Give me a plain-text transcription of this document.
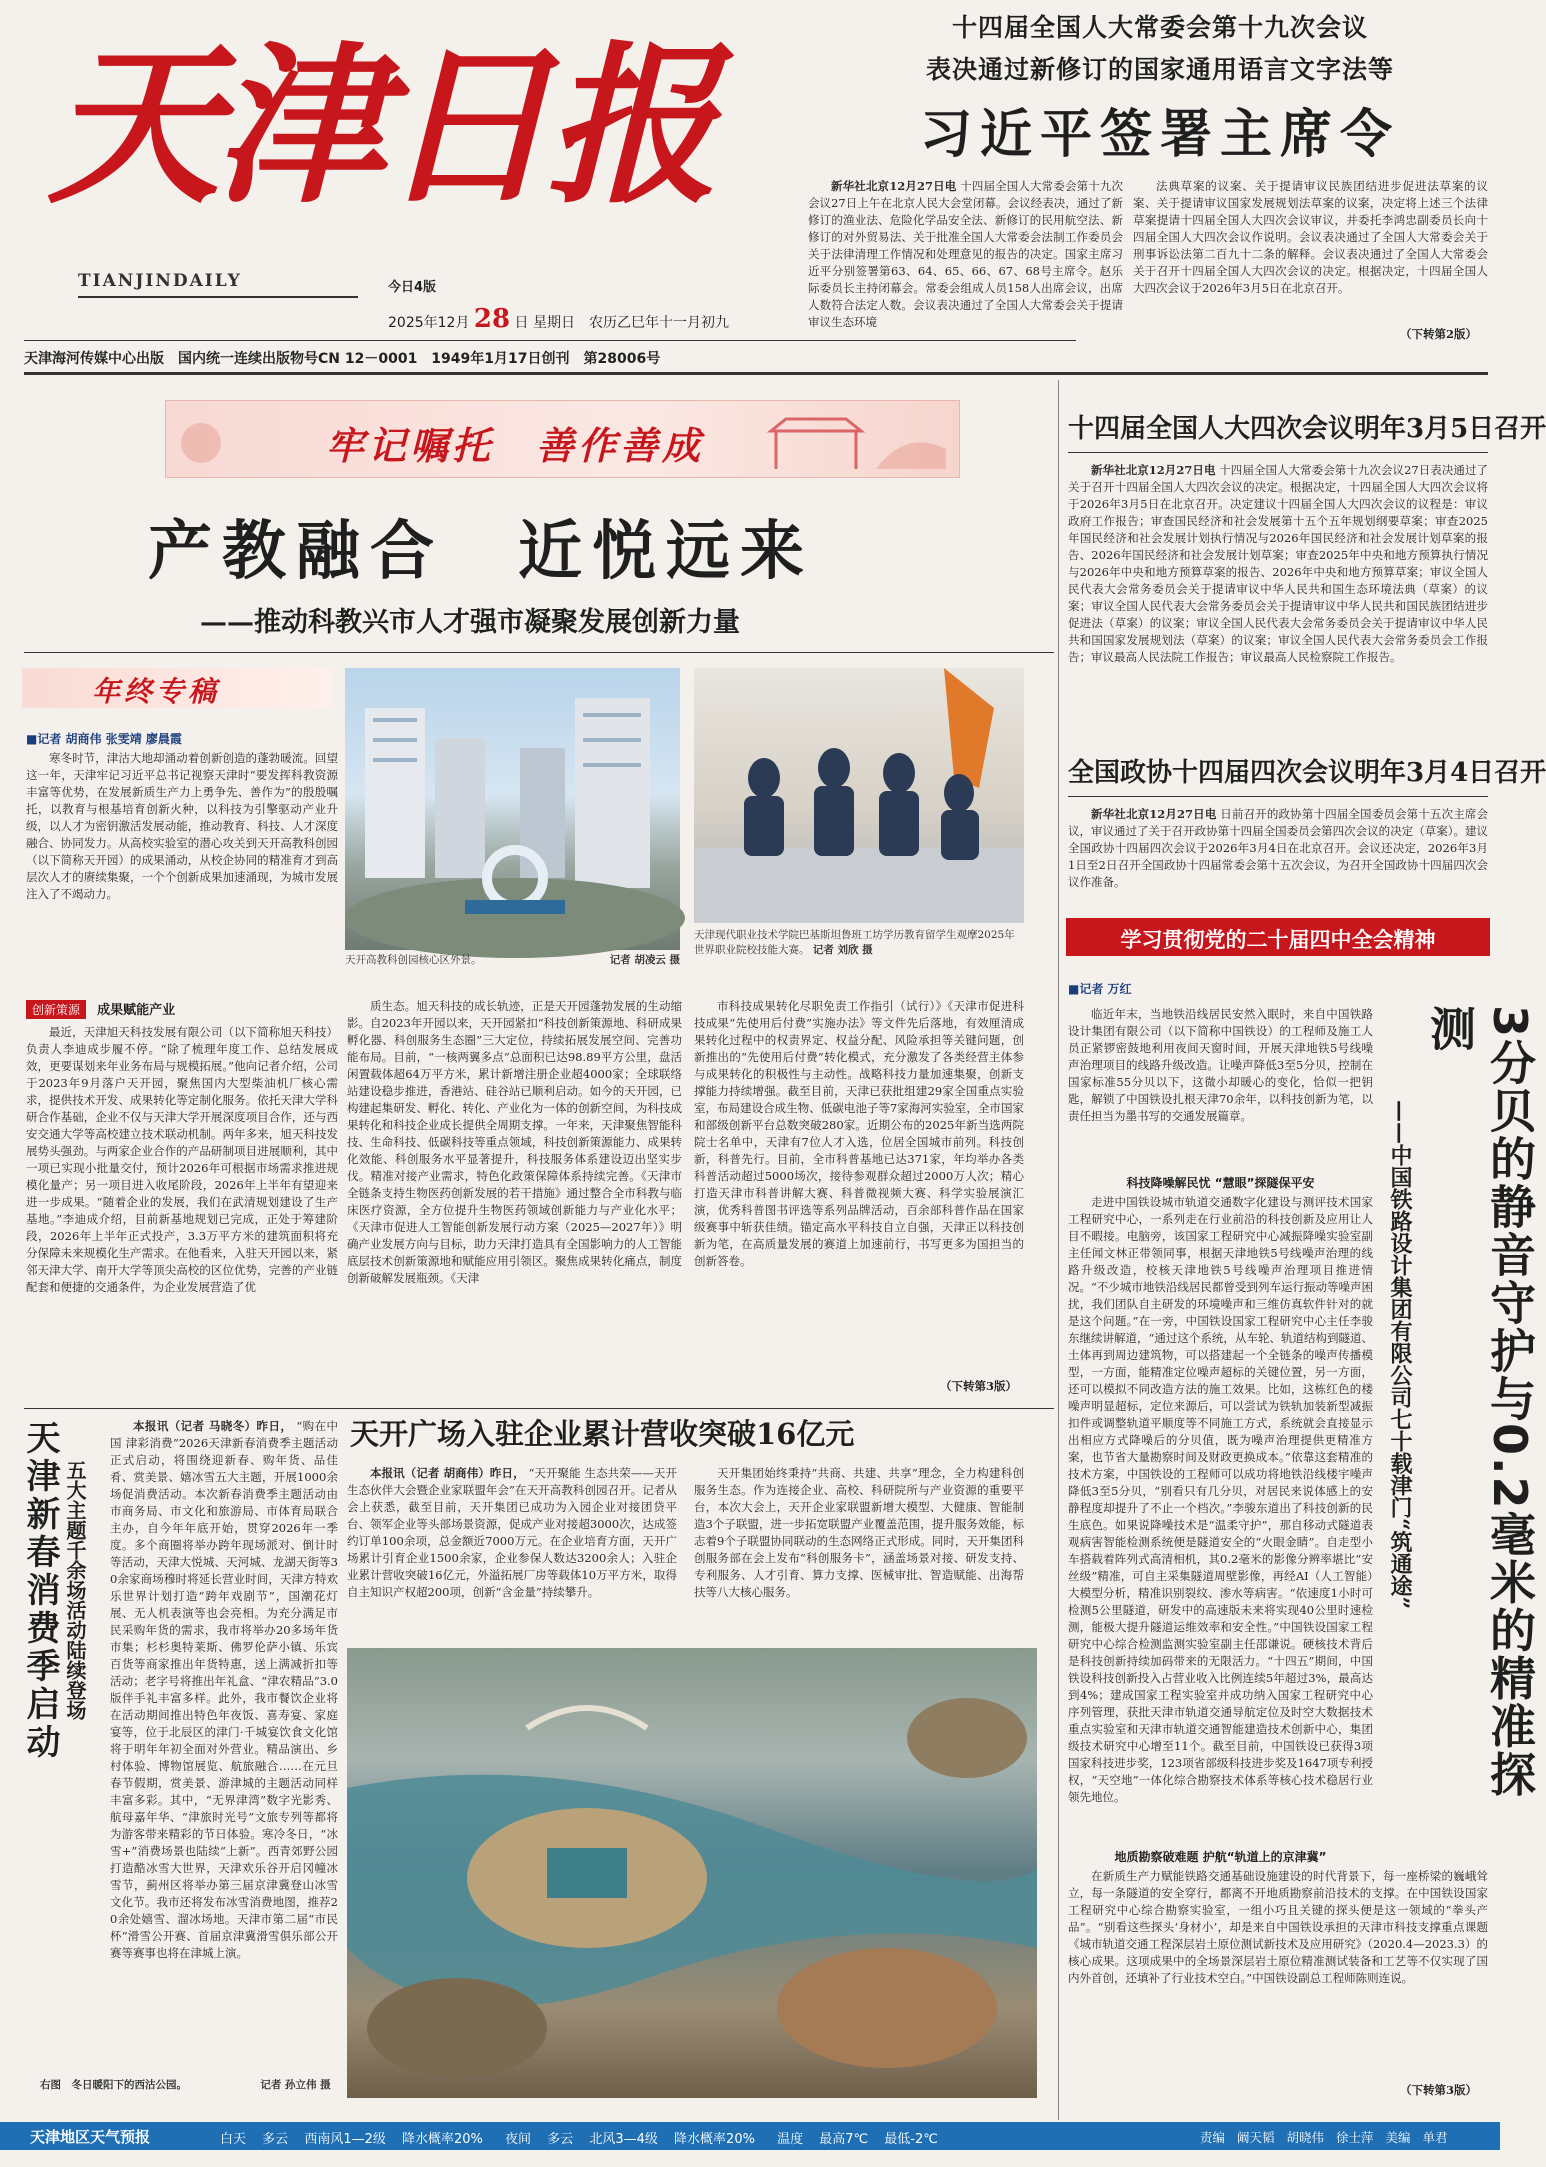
天津日报
TIANJINDAILY	今日4版
2025年12月 28 日 星期日　农历乙巳年十一月初九
天津海河传媒中心出版　国内统一连续出版物号CN 12－0001　1949年1月17日创刊　第28006号
十四届全国人大常委会第十九次会议
表决通过新修订的国家通用语言文字法等
习近平签署主席令
新华社北京12月27日电 十四届全国人大常委会第十九次会议27日上午在北京人民大会堂闭幕。会议经表决，通过了新修订的渔业法、危险化学品安全法、新修订的民用航空法、新修订的对外贸易法、关于批准全国人大常委会法制工作委员会关于法律清理工作情况和处理意见的报告的决定。国家主席习近平分别签署第63、64、65、66、67、68号主席令。赵乐际委员长主持闭幕会。常委会组成人员158人出席会议，出席人数符合法定人数。会议表决通过了全国人大常委会关于提请审议生态环境
法典草案的议案、关于提请审议民族团结进步促进法草案的议案、关于提请审议国家发展规划法草案的议案，决定将上述三个法律草案提请十四届全国人大四次会议审议，并委托李鸿忠副委员长向十四届全国人大四次会议作说明。会议表决通过了全国人大常委会关于刑事诉讼法第二百九十二条的解释。会议表决通过了全国人大常委会关于召开十四届全国人大四次会议的决定。根据决定，十四届全国人大四次会议于2026年3月5日在北京召开。
（下转第2版）
牢记嘱托　善作善成
产教融合　近悦远来
——推动科教兴市人才强市凝聚发展创新力量
年终专稿
■记者 胡商伟 张雯靖 廖晨霞
寒冬时节，津沽大地却涌动着创新创造的蓬勃暖流。回望这一年，天津牢记习近平总书记视察天津时“要发挥科教资源丰富等优势，在发展新质生产力上勇争先、善作为”的殷殷嘱托，以教育与根基培育创新火种，以科技为引擎驱动产业升级，以人才为密钥激活发展动能，推动教育、科技、人才深度融合、协同发力。从高校实验室的潜心攻关到天开高教科创园（以下简称天开园）的成果涌动，从校企协同的精准育才到高层次人才的赓续集聚，一个个创新成果加速涌现，为城市发展注入了不竭动力。
创新策源 成果赋能产业
最近，天津旭天科技发展有限公司（以下简称旭天科技）负责人李迪成步履不停。“除了梳理年度工作、总结发展成效，更要谋划来年业务布局与规模拓展。”他向记者介绍，公司于2023年9月落户天开园，聚焦国内大型柴油机厂核心需求，提供技术开发、成果转化等定制化服务。依托天津大学科研合作基础，企业不仅与天津大学开展深度项目合作，还与西安交通大学等高校建立技术联动机制。两年多来，旭天科技发展势头强劲。与两家企业合作的产品研制项目进展顺利，其中一项已实现小批量交付，预计2026年可根据市场需求推进规模化量产；另一项目进入收尾阶段，2026年上半年有望迎来进一步成果。“随着企业的发展，我们在武清规划建设了生产基地。”李迪成介绍，目前新基地规划已完成，正处于筹建阶段，2026年上半年正式投产，3.3万平方米的建筑面积将充分保障未来规模化生产需求。在他看来，入驻天开园以来，紧邻天津大学、南开大学等顶尖高校的区位优势，完善的产业链配套和便捷的交通条件，为企业发展营造了优
质生态。旭天科技的成长轨迹，正是天开园蓬勃发展的生动缩影。自2023年开园以来，天开园紧扣“科技创新策源地、科研成果孵化器、科创服务生态圈”三大定位，持续拓展发展空间、完善功能布局。目前，“一核两翼多点”总面积已达98.89平方公里，盘活闲置载体超64万平方米，累计新增注册企业超4000家；全球联络站建设稳步推进，香港站、硅谷站已顺利启动。如今的天开园，已构建起集研发、孵化、转化、产业化为一体的创新空间，为科技成果转化和科技企业成长提供全周期支撑。一年来，天津聚焦智能科技、生命科技、低碳科技等重点领域，科技创新策源能力、成果转化效能、科创服务水平显著提升，科技服务体系建设迈出坚实步伐。精准对接产业需求，特色化政策保障体系持续完善。《天津市全链条支持生物医药创新发展的若干措施》通过整合全市科教与临床医疗资源，全方位提升生物医药领域创新能力与产业化水平；《天津市促进人工智能创新发展行动方案（2025—2027年）》明确产业发展方向与目标，助力天津打造具有全国影响力的人工智能底层技术创新策源地和赋能应用引领区。聚焦成果转化痛点，制度创新破解发展瓶颈。《天津
市科技成果转化尽职免责工作指引（试行）》《天津市促进科技成果“先使用后付费”实施办法》等文件先后落地，有效厘清成果转化过程中的权责界定、权益分配、风险承担等关键问题，创新推出的“先使用后付费”转化模式，充分激发了各类经营主体参与成果转化的积极性与主动性。战略科技力量加速集聚，创新支撑能力持续增强。截至目前，天津已获批组建29家全国重点实验室，布局建设合成生物、低碳电池子等7家海河实验室，全市国家和部级创新平台总数突破280家。近期公布的2025年新当选两院院士名单中，天津有7位人才入选，位居全国城市前列。科技创新，科普先行。目前，全市科普基地已达371家，年均举办各类科普活动超过5000场次，接待参观群众超过2000万人次；精心打造天津市科普讲解大赛、科普微视频大赛、科学实验展演汇演，优秀科普图书评选等系列品牌活动，百余部科普作品在国家级赛事中斩获佳绩。锚定高水平科技自立自强，天津正以科技创新为笔，在高质量发展的赛道上加速前行，书写更多为国担当的创新答卷。
（下转第3版）
天开高教科创园核心区外景。	记者 胡凌云 摄
天津现代职业技术学院巴基斯坦鲁班工坊学历教育留学生观摩2025年世界职业院校技能大赛。 记者 刘欣 摄
十四届全国人大四次会议明年3月5日召开
新华社北京12月27日电 十四届全国人大常委会第十九次会议27日表决通过了关于召开十四届全国人大四次会议的决定。根据决定，十四届全国人大四次会议将于2026年3月5日在北京召开。决定建议十四届全国人大四次会议的议程是：审议政府工作报告；审查国民经济和社会发展第十五个五年规划纲要草案；审查2025年国民经济和社会发展计划执行情况与2026年国民经济和社会发展计划草案的报告、2026年国民经济和社会发展计划草案；审查2025年中央和地方预算执行情况与2026年中央和地方预算草案的报告、2026年中央和地方预算草案；审议全国人民代表大会常务委员会关于提请审议中华人民共和国生态环境法典（草案）的议案；审议全国人民代表大会常务委员会关于提请审议中华人民共和国民族团结进步促进法（草案）的议案；审议全国人民代表大会常务委员会关于提请审议中华人民共和国国家发展规划法（草案）的议案；审议全国人民代表大会常务委员会工作报告；审议最高人民法院工作报告；审议最高人民检察院工作报告。
全国政协十四届四次会议明年3月4日召开
新华社北京12月27日电 日前召开的政协第十四届全国委员会第十五次主席会议，审议通过了关于召开政协第十四届全国委员会第四次会议的决定（草案）。建议全国政协十四届四次会议于2026年3月4日在北京召开。会议还决定，2026年3月1日至2日召开全国政协十四届常委会第十五次会议，为召开全国政协十四届四次会议作准备。
学习贯彻党的二十届四中全会精神
■记者 万红
3分贝的静音守护与0.2毫米的精准探测
——中国铁路设计集团有限公司七十载津门“筑通途”
临近年末，当地铁沿线居民安然入眠时，来自中国铁路设计集团有限公司（以下简称中国铁设）的工程师及施工人员正紧锣密鼓地利用夜间天窗时间，开展天津地铁5号线噪声治理项目的线路升级改造。让噪声降低3至5分贝，控制在国家标准55分贝以下，这微小却暖心的变化，恰似一把钥匙，解锁了中国铁设扎根天津70余年，以科技创新为笔，以责任担当为墨书写的交通发展篇章。
科技降噪解民忧 “慧眼”探隧保平安
走进中国铁设城市轨道交通数字化建设与测评技术国家工程研究中心，一系列走在行业前沿的科技创新及应用让人目不暇接。电脑旁，该国家工程研究中心减振降噪实验室副主任闻文林正带领同事，根据天津地铁5号线噪声治理的线路升级改造，校核天津地铁5号线噪声治理项目推进情况。“不少城市地铁沿线居民都曾受到列车运行振动等噪声困扰，我们团队自主研发的环境噪声和三维仿真软件针对的就是这个问题。”在一旁，中国铁设国家工程研究中心主任李骏东继续讲解道，“通过这个系统，从车轮、轨道结构到隧道、土体再到周边建筑物，可以搭建起一个全链条的噪声传播模型，一方面，能精准定位噪声超标的关键位置，另一方面，还可以模拟不同改造方法的施工效果。比如，这栋红色的楼噪声明显超标，定位来源后，可以尝试为铁轨加装新型减振扣件或调整轨道平顺度等不同施工方式，系统就会直接显示出相应方式降噪后的分贝值，既为噪声治理提供更精准方案，也节省大量勘察时间及财政更换成本。”依靠这套精准的技术方案，中国铁设的工程师可以成功将地铁沿线楼宇噪声降低3至5分贝，“别看只有几分贝，对居民来说体感上的安静程度却提升了不止一个档次。”李骏东道出了科技创新的民生底色。如果说降噪技术是“温柔守护”，那自移动式隧道表观病害智能检测系统便是隧道安全的“火眼金睛”。自走型小车搭载着阵列式高清相机，其0.2毫米的影像分辨率堪比“安丝级”精准，可自主采集隧道周壁影像，再经AI（人工智能）大模型分析，精准识别裂纹、渗水等病害。“依速度1小时可检测5公里隧道，研发中的高速版未来将实现40公里时速检测，能极大提升隧道运维效率和安全性。”中国铁设国家工程研究中心综合检测监测实验室副主任邵谦说。硬核技术背后是科技创新持续加码带来的无限活力。“十四五”期间，中国铁设科技创新投入占营业收入比例连续5年超过3%，最高达到4%；建成国家工程实验室并成功纳入国家工程研究中心序列管理，获批天津市轨道交通导航定位及时空大数据技术重点实验室和天津市轨道交通智能建造技术创新中心，集团级技术研究中心增至11个。截至目前，中国铁设已获得3项国家科技进步奖，123项省部级科技进步奖及1647项专利授权，“天空地”一体化综合勘察技术体系等核心技术稳居行业领先地位。
地质勘察破难题 护航“轨道上的京津冀”
在新质生产力赋能铁路交通基础设施建设的时代背景下，每一座桥梁的巍峨耸立，每一条隧道的安全穿行，都离不开地质勘察前沿技术的支撑。在中国铁设国家工程研究中心综合勘察实验室，一组小巧且关键的探头便是这一领域的“拳头产品”。“别看这些探头‘身材小’，却是来自中国铁设承担的天津市科技支撑重点课题《城市轨道交通工程深层岩土原位测试新技术及应用研究》（2020.4—2023.3）的核心成果。这项成果中的全场景深层岩土原位精准测试装备和工艺等不仅实现了国内外首创，还填补了行业技术空白。”中国铁设副总工程师陈则连说。
（下转第3版）
天津新春消费季启动 五大主题千余场活动陆续登场
本报讯（记者 马晓冬）昨日， “购在中国 津彩消费”2026天津新春消费季主题活动正式启动，将围绕迎新春、购年货、品佳肴、赏美景、嬉冰雪五大主题，开展1000余场促消费活动。本次新春消费季主题活动由市商务局、市文化和旅游局、市体育局联合主办，自今年年底开始，贯穿2026年一季度。多个商圈将举办跨年现场派对、倒计时等活动，天津大悦城、天河城、龙湖天街等30余家商场穆时将延长营业时间，天津方特欢乐世界计划打造“跨年戏剧节”，国潮花灯展、无人机表演等也会亮相。为充分满足市民采购年货的需求，我市将举办20多场年货市集；杉杉奥特莱斯、佛罗伦萨小镇、乐宾百货等商家推出年货特惠，送上满减折扣等活动；老字号将推出年礼盒、“津农精品”3.0版伴手礼丰富多样。此外，我市餐饮企业将在活动期间推出特色年夜饭、喜寿宴、家庭宴等，位于北辰区的津门·千城宴饮食文化馆将于明年年初全面对外营业。精品演出、乡村体验、博物馆展览、航旅融合……在元旦春节假期，赏美景、游津城的主题活动同样丰富多彩。其中，“无界津湾”数字光影秀、航母嘉年华、“津旅时光号”文旅专列等都将为游客带来精彩的节日体验。寒冷冬日，“冰雪+”消费场景也陆续“上新”。西青郊野公园打造酷冰雪大世界，天津欢乐谷开启冈幢冰雪节，蓟州区将举办第三届京津冀登山冰雪文化节。我市还将发布冰雪消费地图，推荐20余处嬉雪、溜冰场地。天津市第二届“市民杯”滑雪公开赛、首届京津冀滑雪俱乐部公开赛等赛事也将在津城上演。
右图　冬日暖阳下的西沽公园。	记者 孙立伟 摄
天开广场入驻企业累计营收突破16亿元
本报讯（记者 胡商伟）昨日， “天开聚能 生态共荣——天开生态伙伴大会暨企业家联盟年会”在天开高教科创园召开。记者从会上获悉，截至目前，天开集团已成功为入园企业对接团贷平台、领军企业等头部场景资源，促成产业对接超3000次，达成签约订单100余项，总金额近7000万元。在企业培育方面，天开广场累计引育企业1500余家，企业参保人数达3200余人；入驻企业累计营收突破16亿元，外溢拓展厂房等载体10万平方米，取得自主知识产权超200项，创新“含金量”持续攀升。
天开集团始终秉持“共商、共建、共享”理念，全力构建科创服务生态。作为连接企业、高校、科研院所与产业资源的重要平台，本次大会上，天开企业家联盟新增大模型、大健康、智能制造3个子联盟，进一步拓宽联盟产业覆盖范围，提升服务效能，标志着9个子联盟协同联动的生态网络正式形成。同时，天开集团科创服务部在会上发布“科创服务卡”，涵盖场景对接、研发支持、专利服务、人才引育、算力支撑、医械审批、智造赋能、出海帮扶等八大核心服务。
天津地区天气预报	白天 多云 西南风1—2级 降水概率20% 夜间 多云 北风3—4级 降水概率20% 温度 最高7℃ 最低-2℃	责编 阚天韬 胡晓伟 徐士萍 美编 单君
